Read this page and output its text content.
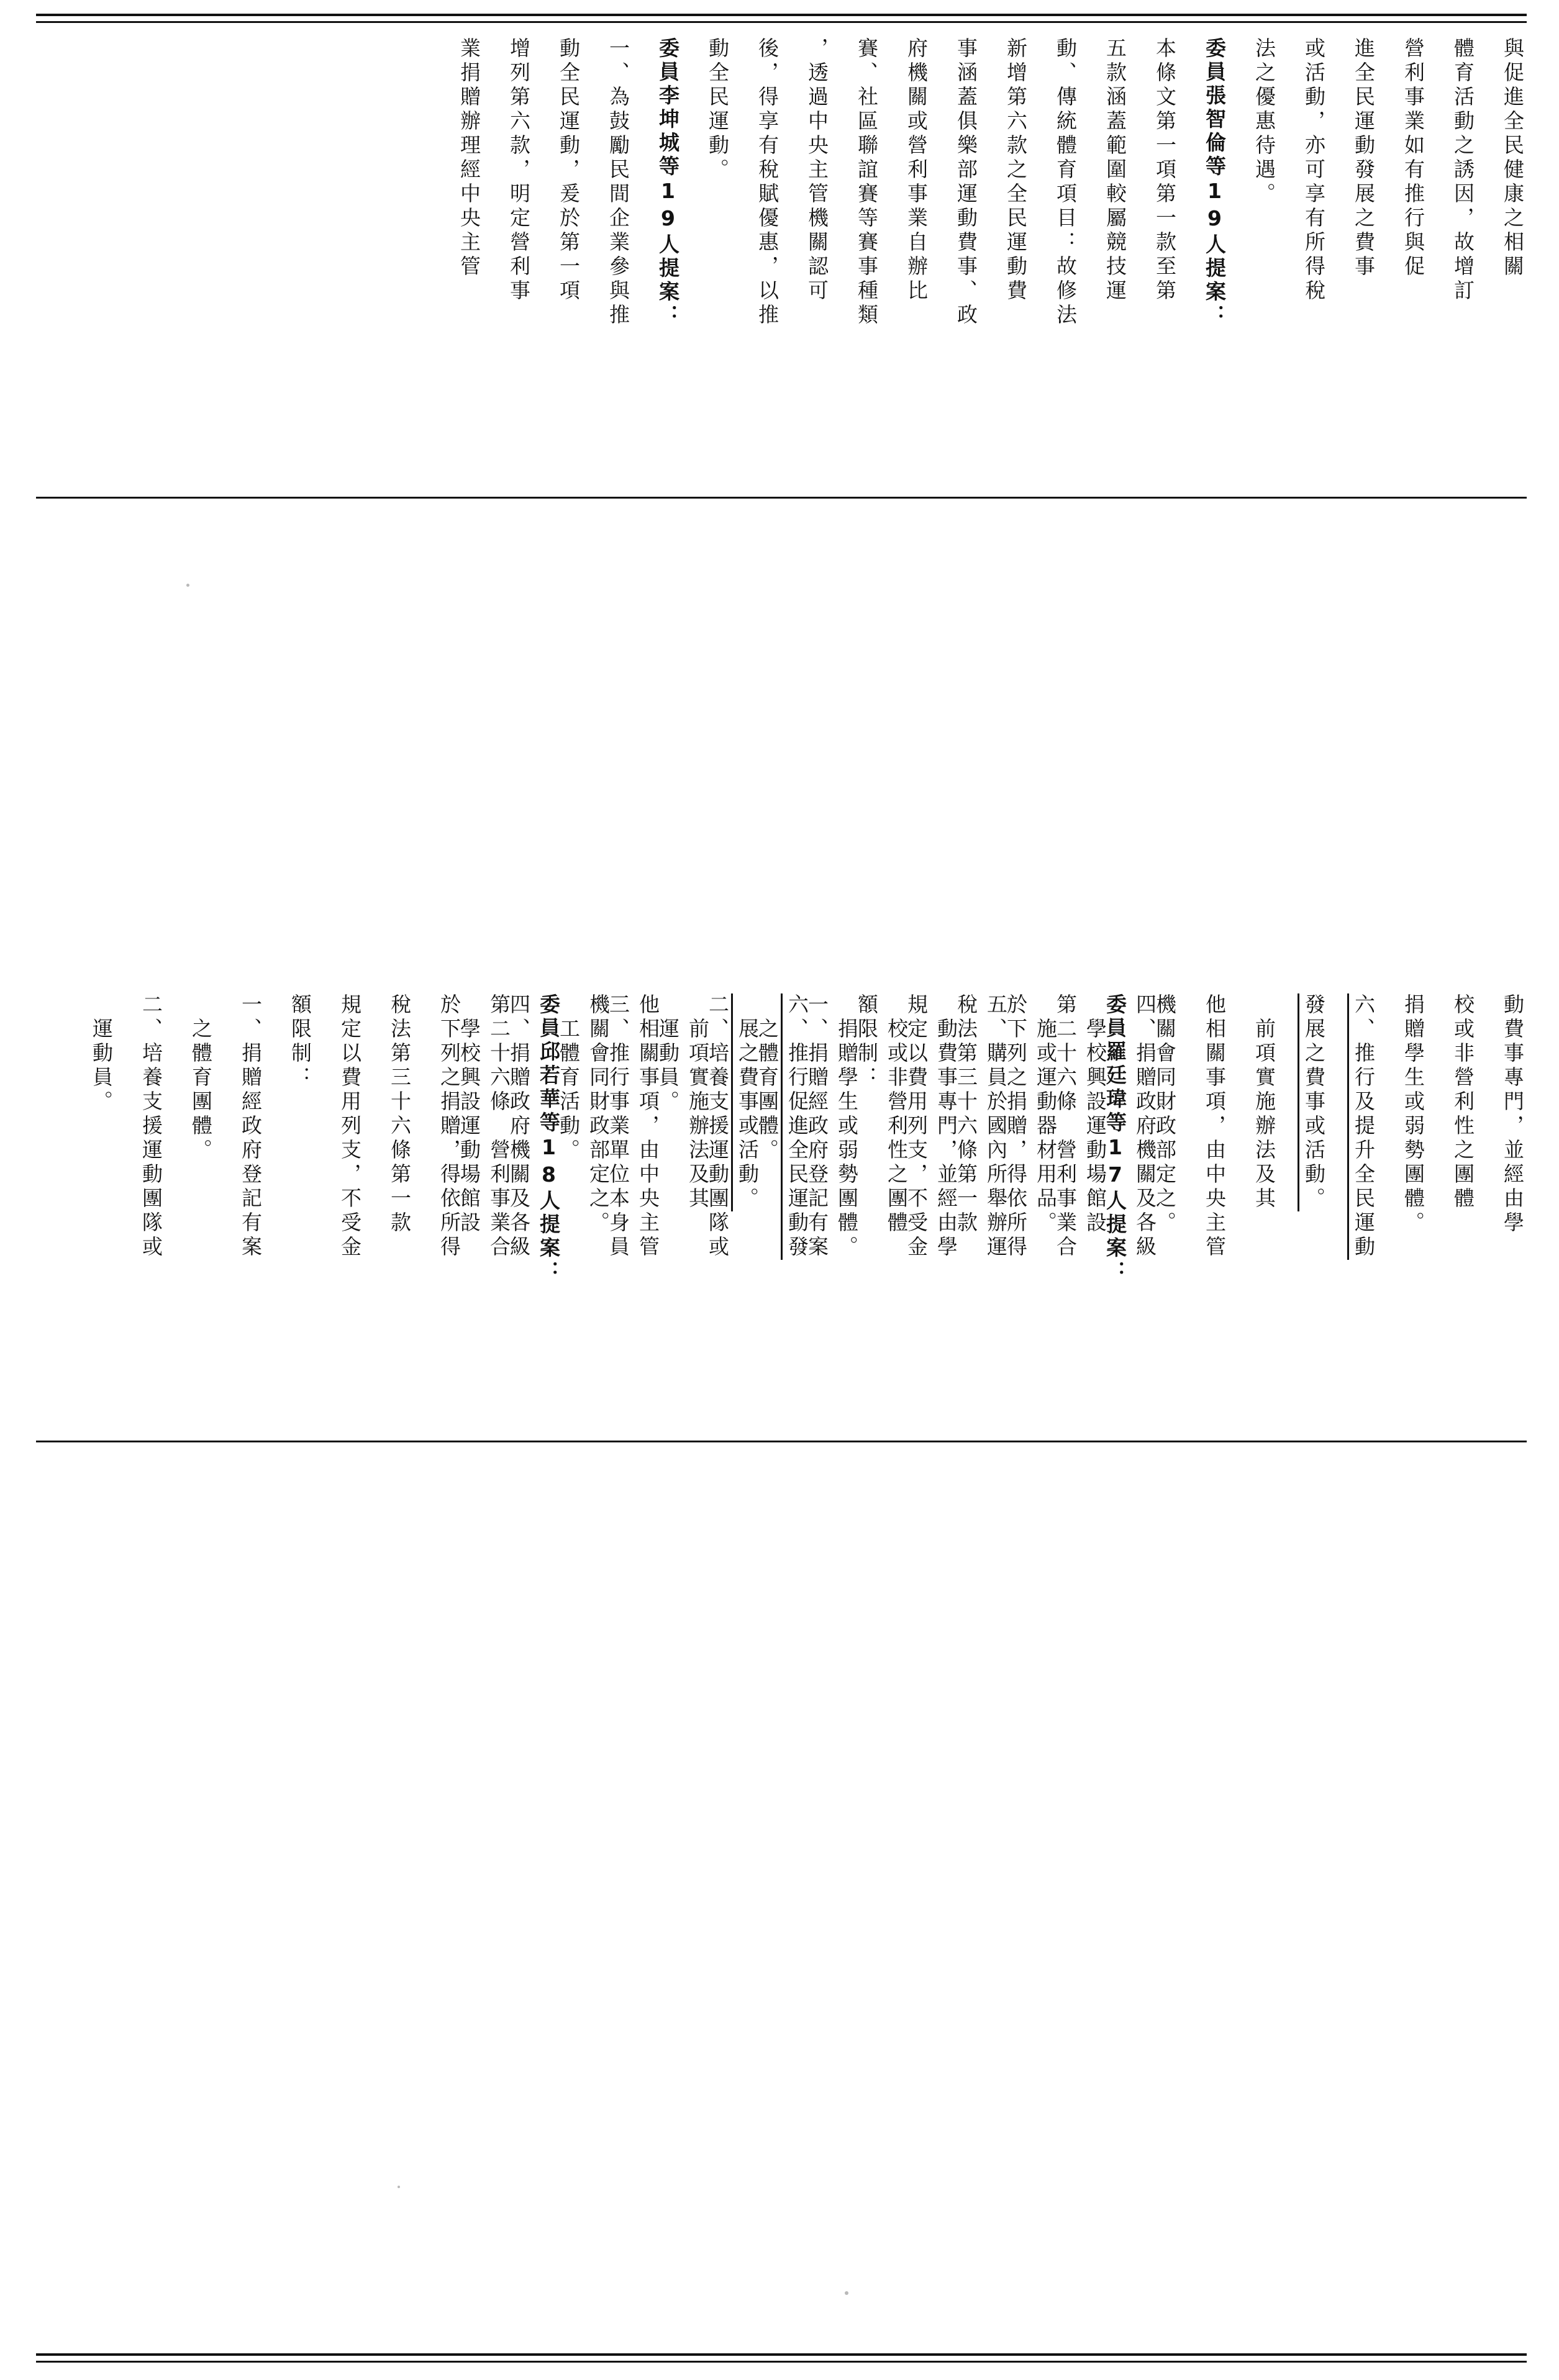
與促進全民健康之相關
體育活動之誘因，故增訂
營利事業如有推行與促
進全民運動發展之費事
或活動，亦可享有所得稅
法之優惠待遇。
委員張智倫等19人提案：
本條文第一項第一款至第
五款涵蓋範圍較屬競技運
動、傳統體育項目：故修法
新增第六款之全民運動費
事涵蓋俱樂部運動費事、政
府機關或營利事業自辦比
賽、社區聯誼賽等賽事種類
，透過中央主管機關認可
後，得享有稅賦優惠，以推
動全民運動。
委員李坤城等19人提案：
一、為鼓勵民間企業參與推
動全民運動，爰於第一項
增列第六款，明定營利事
業捐贈辦理經中央主管
動費事專門，並經由學
校或非營利性之團體
捐贈學生或弱勢團體。
六、推行及提升全民運動
發展之費事或活動。
　前項實施辦法及其
他相關事項，由中央主管
機關會同財政部定之。
委員羅廷瑋等17人提案：
第二十六條　營利事業合
於下列之捐贈，得依所得
稅法第三十六條第一款
規定以費用列支，不受金
額限制：
一、捐贈經政府登記有案
　之體育團體。
二、培養支援運動團隊或
　運動員。
三、推行事業單位本身員
　工體育活動。
四、捐贈政府機關及各級
　學校興設運動場館設	四、捐贈政府機關及各級
　學校興設運動場館設
　施或運動器材用品。
五、購員於國內所舉辦運
　動費事專門，並經由學
　校或非營利性之團體
　捐贈學生或弱勢團體。
六、推行促進全民運動發
　展之費事或活動。
　前項實施辦法及其
他相關事項，由中央主管
機關會同財政部定之。
委員邱若華等18人提案：
第二十六條　營利事業合
於下列之捐贈，得依所得
稅法第三十六條第一款
規定以費用列支，不受金
額限制：
一、捐贈經政府登記有案
　之體育團體。
二、培養支援運動團隊或
　運動員。
